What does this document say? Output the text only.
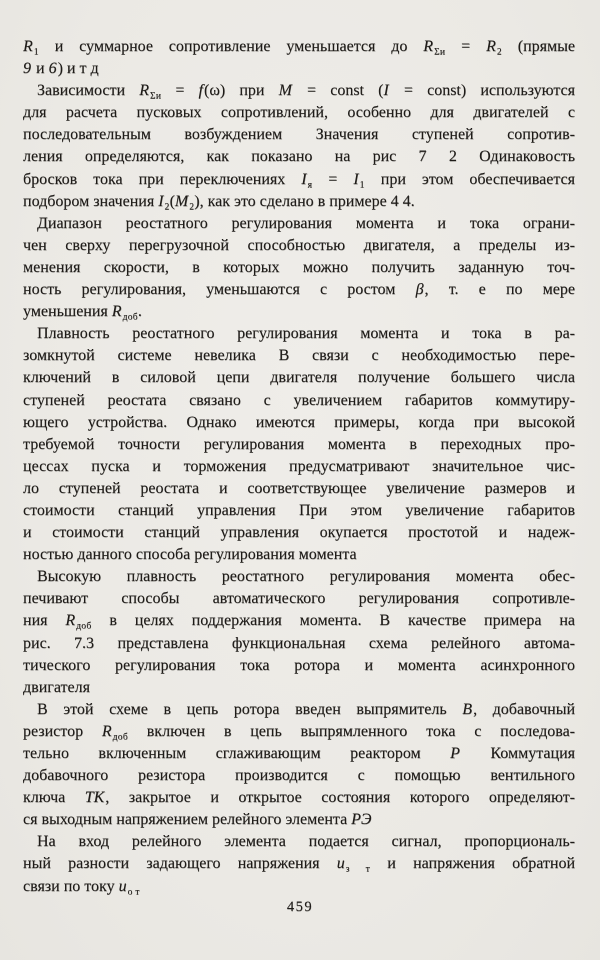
$R_1$ и суммарное сопротивление уменьшается до $R_{\Sigma и} = R_2$ (прямые
9 и 6) и т д
Зависимости $R_{\Sigma и} = f(\omega)$ при M = const (I = const) используются
для расчета пусковых сопротивлений, особенно для двигателей с
последовательным возбуждением Значения ступеней сопротив-
ления определяются, как показано на рис 7 2 Одинаковость
бросков тока при переключениях $I_я = I_1$ при этом обеспечивается
подбором значения $I_2(M_2)$, как это сделано в примере 4 4.
Диапазон реостатного регулирования момента и тока ограни-
чен сверху перегрузочной способностью двигателя, а пределы из-
менения скорости, в которых можно получить заданную точ-
ность регулирования, уменьшаются с ростом β, т. е по мере
уменьшения $R_{доб}$.
Плавность реостатного регулирования момента и тока в ра-
зомкнутой системе невелика В связи с необходимостью пере-
ключений в силовой цепи двигателя получение большего числа
ступеней реостата связано с увеличением габаритов коммутиру-
ющего устройства. Однако имеются примеры, когда при высокой
требуемой точности регулирования момента в переходных про-
цессах пуска и торможения предусматривают значительное чис-
ло ступеней реостата и соответствующее увеличение размеров и
стоимости станций управления При этом увеличение габаритов
и стоимости станций управления окупается простотой и надеж-
ностью данного способа регулирования момента
Высокую плавность реостатного регулирования момента обес-
печивают способы автоматического регулирования сопротивле-
ния $R_{доб}$ в целях поддержания момента. В качестве примера на
рис. 7.3 представлена функциональная схема релейного автома-
тического регулирования тока ротора и момента асинхронного
двигателя
В этой схеме в цепь ротора введен выпрямитель В, добавочный
резистор $R_{доб}$ включен в цепь выпрямленного тока с последова-
тельно включенным сглаживающим реактором Р Коммутация
добавочного резистора производится с помощью вентильного
ключа ТК, закрытое и открытое состояния которого определяют-
ся выходным напряжением релейного элемента РЭ
На вход релейного элемента подается сигнал, пропорциональ-
ный разности задающего напряжения $u_{з т}$ и напряжения обратной
связи по току $u_{о т}$
459
